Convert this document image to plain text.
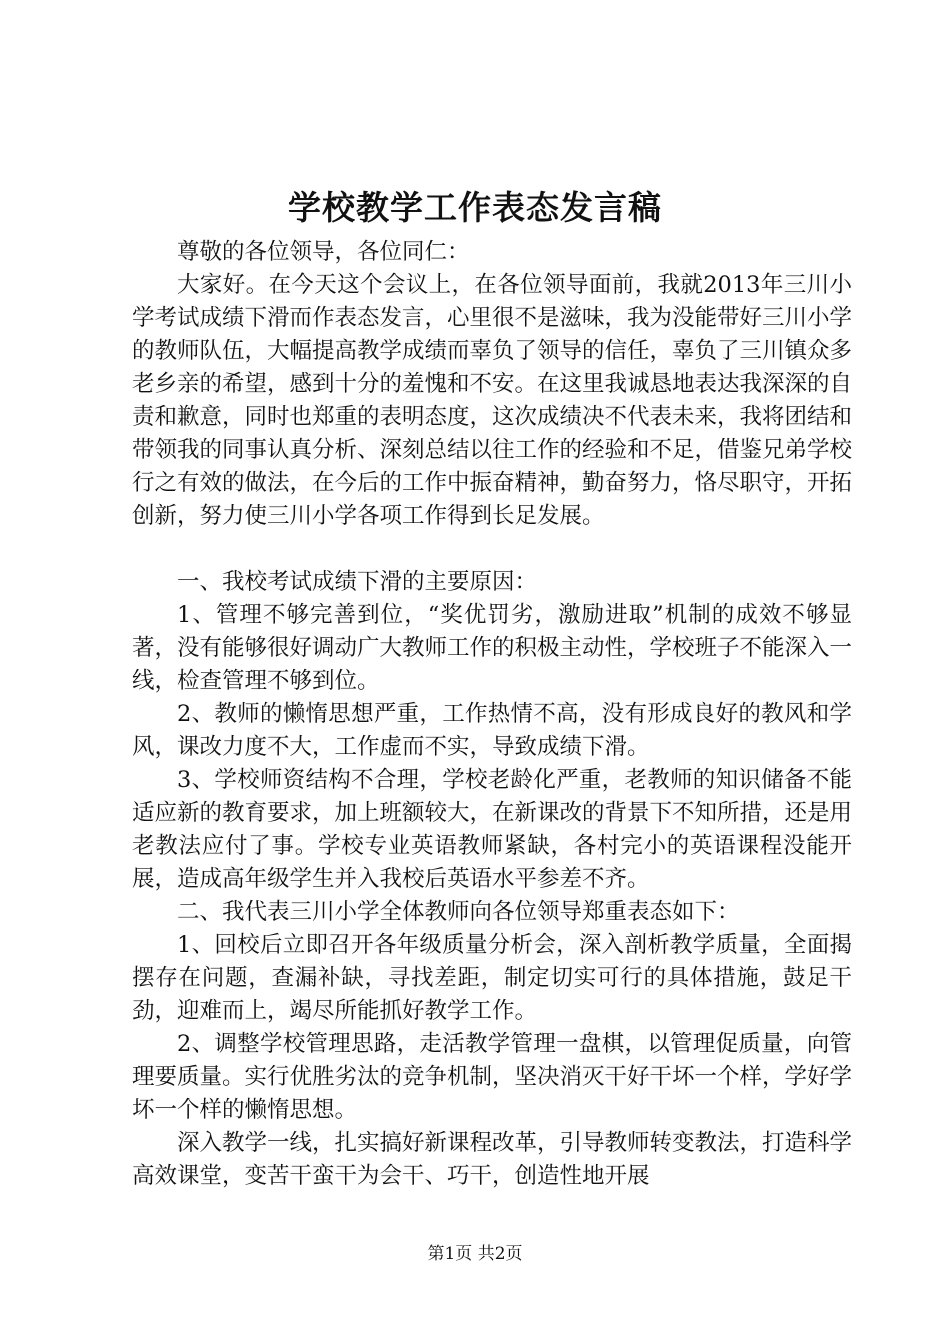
学校教学工作表态发言稿

尊敬的各位领导，各位同仁：

大家好。在今天这个会议上，在各位领导面前，我就2013年三川小学考试成绩下滑而作表态发言，心里很不是滋味，我为没能带好三川小学的教师队伍，大幅提高教学成绩而辜负了领导的信任，辜负了三川镇众多老乡亲的希望，感到十分的羞愧和不安。在这里我诚恳地表达我深深的自责和歉意，同时也郑重的表明态度，这次成绩决不代表未来，我将团结和带领我的同事认真分析、深刻总结以往工作的经验和不足，借鉴兄弟学校行之有效的做法，在今后的工作中振奋精神，勤奋努力，恪尽职守，开拓创新，努力使三川小学各项工作得到长足发展。

一、我校考试成绩下滑的主要原因：

1、管理不够完善到位，“奖优罚劣，激励进取”机制的成效不够显著，没有能够很好调动广大教师工作的积极主动性，学校班子不能深入一线，检查管理不够到位。

2、教师的懒惰思想严重，工作热情不高，没有形成良好的教风和学风，课改力度不大，工作虚而不实，导致成绩下滑。

3、学校师资结构不合理，学校老龄化严重，老教师的知识储备不能适应新的教育要求，加上班额较大，在新课改的背景下不知所措，还是用老教法应付了事。学校专业英语教师紧缺，各村完小的英语课程没能开展，造成高年级学生并入我校后英语水平参差不齐。

二、我代表三川小学全体教师向各位领导郑重表态如下：

1、回校后立即召开各年级质量分析会，深入剖析教学质量，全面揭摆存在问题，查漏补缺，寻找差距，制定切实可行的具体措施，鼓足干劲，迎难而上，竭尽所能抓好教学工作。

2、调整学校管理思路，走活教学管理一盘棋，以管理促质量，向管理要质量。实行优胜劣汰的竞争机制，坚决消灭干好干坏一个样，学好学坏一个样的懒惰思想。

深入教学一线，扎实搞好新课程改革，引导教师转变教法，打造科学高效课堂，变苦干蛮干为会干、巧干，创造性地开展

第1页 共2页
